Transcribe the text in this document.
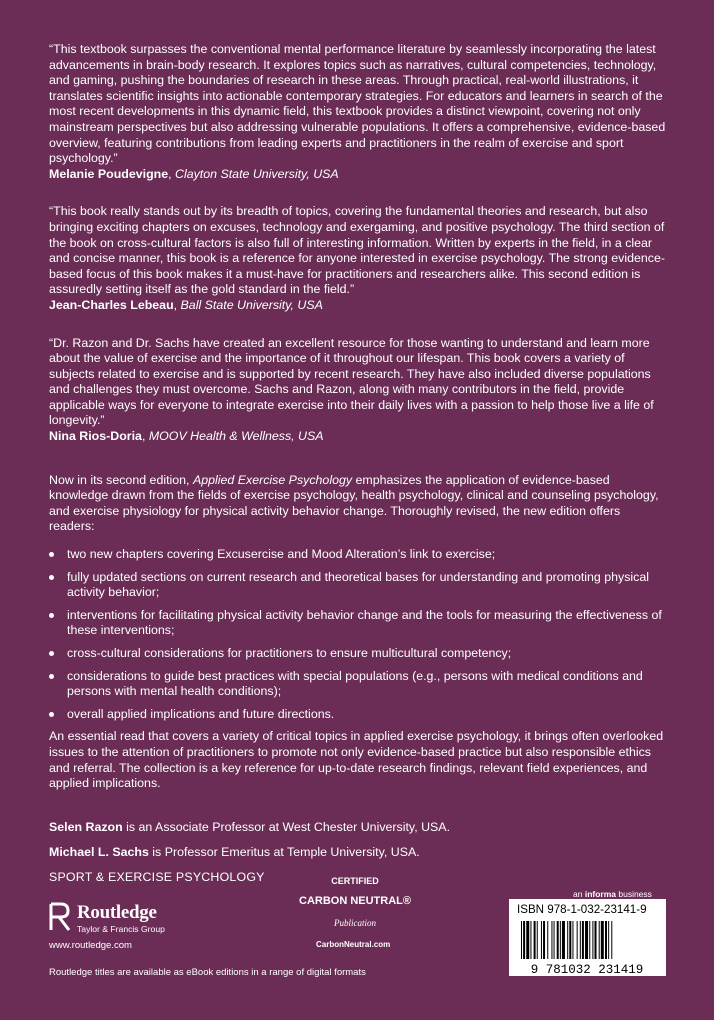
“This textbook surpasses the conventional mental performance literature by seamlessly incorporating the latest advancements in brain-body research. It explores topics such as narratives, cultural competencies, technology, and gaming, pushing the boundaries of research in these areas. Through practical, real-world illustrations, it translates scientific insights into actionable contemporary strategies. For educators and learners in search of the most recent developments in this dynamic field, this textbook provides a distinct viewpoint, covering not only mainstream perspectives but also addressing vulnerable populations. It offers a comprehensive, evidence-based overview, featuring contributions from leading experts and practitioners in the realm of exercise and sport psychology.”

Melanie Poudevigne, Clayton State University, USA

“This book really stands out by its breadth of topics, covering the fundamental theories and research, but also bringing exciting chapters on excuses, technology and exergaming, and positive psychology. The third section of the book on cross-cultural factors is also full of interesting information. Written by experts in the field, in a clear and concise manner, this book is a reference for anyone interested in exercise psychology. The strong evidence-based focus of this book makes it a must-have for practitioners and researchers alike. This second edition is assuredly setting itself as the gold standard in the field.”

Jean-Charles Lebeau, Ball State University, USA

“Dr. Razon and Dr. Sachs have created an excellent resource for those wanting to understand and learn more about the value of exercise and the importance of it throughout our lifespan. This book covers a variety of subjects related to exercise and is supported by recent research. They have also included diverse populations and challenges they must overcome. Sachs and Razon, along with many contributors in the field, provide applicable ways for everyone to integrate exercise into their daily lives with a passion to help those live a life of longevity.”

Nina Rios-Doria, MOOV Health & Wellness, USA

Now in its second edition, Applied Exercise Psychology emphasizes the application of evidence-based knowledge drawn from the fields of exercise psychology, health psychology, clinical and counseling psychology, and exercise physiology for physical activity behavior change. Thoroughly revised, the new edition offers readers:

two new chapters covering Excusercise and Mood Alteration’s link to exercise;
fully updated sections on current research and theoretical bases for understanding and promoting physical activity behavior;
interventions for facilitating physical activity behavior change and the tools for measuring the effectiveness of these interventions;
cross-cultural considerations for practitioners to ensure multicultural competency;
considerations to guide best practices with special populations (e.g., persons with medical conditions and persons with mental health conditions);
overall applied implications and future directions.

An essential read that covers a variety of critical topics in applied exercise psychology, it brings often overlooked issues to the attention of practitioners to promote not only evidence-based practice but also responsible ethics and referral. The collection is a key reference for up-to-date research findings, relevant field experiences, and applied implications.

Selen Razon is an Associate Professor at West Chester University, USA.

Michael L. Sachs is Professor Emeritus at Temple University, USA.

SPORT & EXERCISE PSYCHOLOGY
Routledge
Taylor & Francis Group
www.routledge.com
Routledge titles are available as eBook editions in a range of digital formats
CERTIFIED
CARBON NEUTRAL®
Publication
CarbonNeutral.com
an informa business
ISBN 978-1-032-23141-9
9 781032 231419
